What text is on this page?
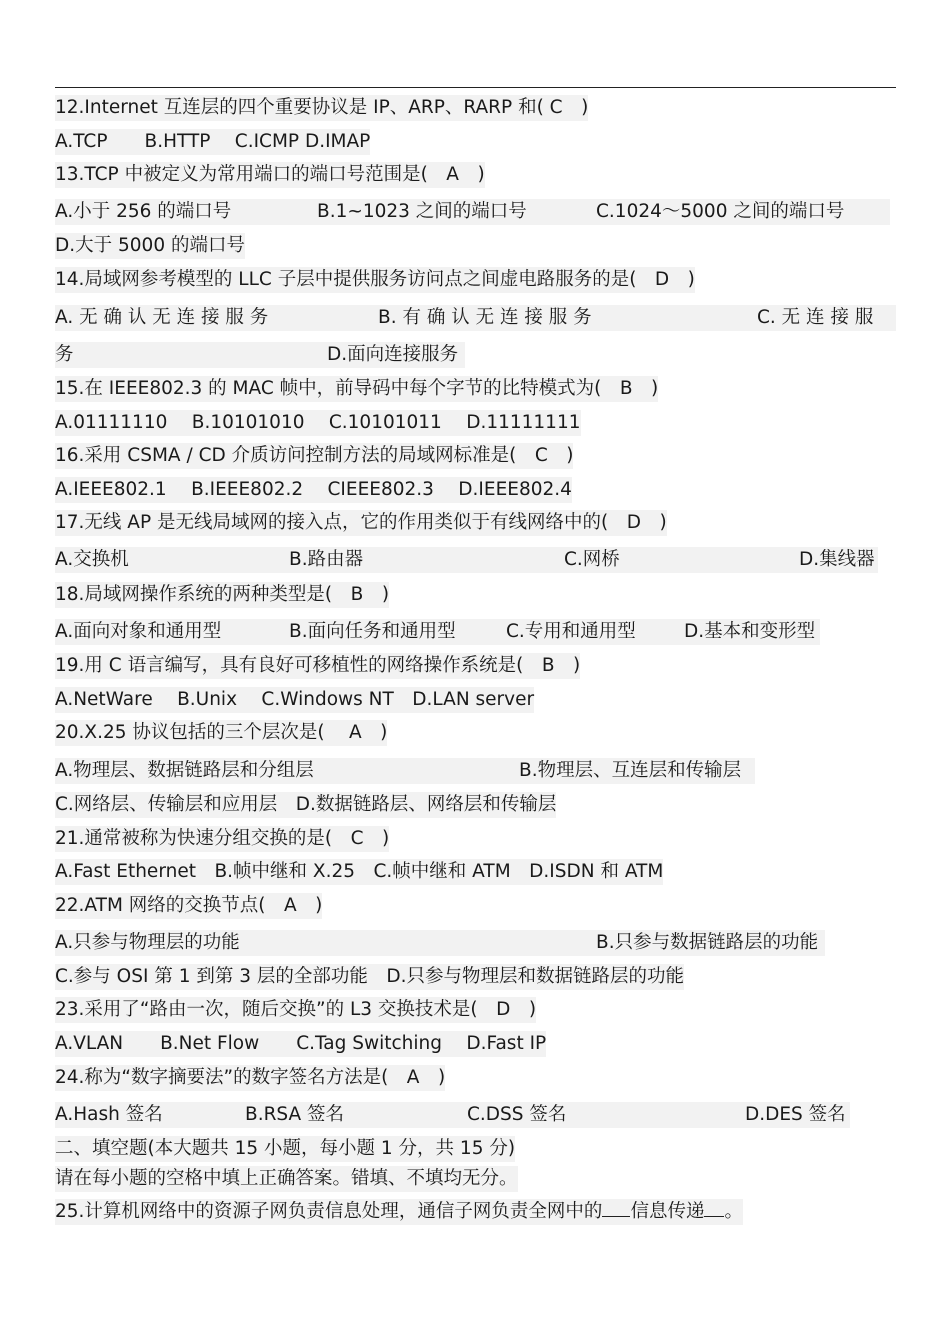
12.Internet 互连层的四个重要协议是 IP、ARP、RARP 和( C　)
A.TCP　　B.HTTP　 C.ICMP D.IMAP
13.TCP 中被定义为常用端口的端口号范围是(　A　)

A.小于 256 的端口号

	B.1~1023 之间的端口号

	C.1024～5000 之间的端口号

D.大于 5000 的端口号
14.局域网参考模型的 LLC 子层中提供服务访问点之间虚电路服务的是(　D　)

A. 无 确 认 无 连 接 服 务

	B. 有 确 认 无 连 接 服 务

	C. 无 连 接 服

务

	D.面向连接服务

15.在 IEEE802.3 的 MAC 帧中，前导码中每个字节的比特模式为(　B　)
A.01111110　 B.10101010　 C.10101011　 D.11111111
16.采用 CSMA / CD 介质访问控制方法的局域网标准是(　C　)
A.IEEE802.1　 B.IEEE802.2　 CIEEE802.3　 D.IEEE802.4
17.无线 AP 是无线局域网的接入点，它的作用类似于有线网络中的(　D　)

A.交换机

	B.路由器

	C.网桥

	D.集线器

18.局域网操作系统的两种类型是(　B　)

A.面向对象和通用型

	B.面向任务和通用型

	C.专用和通用型

	D.基本和变形型

19.用 C 语言编写，具有良好可移植性的网络操作系统是(　B　)
A.NetWare　 B.Unix　 C.Windows NT　D.LAN server
20.X.25 协议包括的三个层次是(　 A　)

A.物理层、数据链路层和分组层

	B.物理层、互连层和传输层

C.网络层、传输层和应用层　D.数据链路层、网络层和传输层
21.通常被称为快速分组交换的是(　C　)
A.Fast Ethernet　B.帧中继和 X.25　C.帧中继和 ATM　D.ISDN 和 ATM
22.ATM 网络的交换节点(　A　)

A.只参与物理层的功能

	B.只参与数据链路层的功能

C.参与 OSI 第 1 到第 3 层的全部功能　D.只参与物理层和数据链路层的功能
23.采用了“路由一次，随后交换”的 L3 交换技术是(　D　)
A.VLAN　　B.Net Flow　　C.Tag Switching　 D.Fast IP
24.称为“数字摘要法”的数字签名方法是(　A　)

A.Hash 签名

	B.RSA 签名

	C.DSS 签名

	D.DES 签名

二、填空题(本大题共 15 小题，每小题 1 分，共 15 分)
请在每小题的空格中填上正确答案。错填、不填均无分。
25.计算机网络中的资源子网负责信息处理，通信子网负责全网中的 信息传递 。
